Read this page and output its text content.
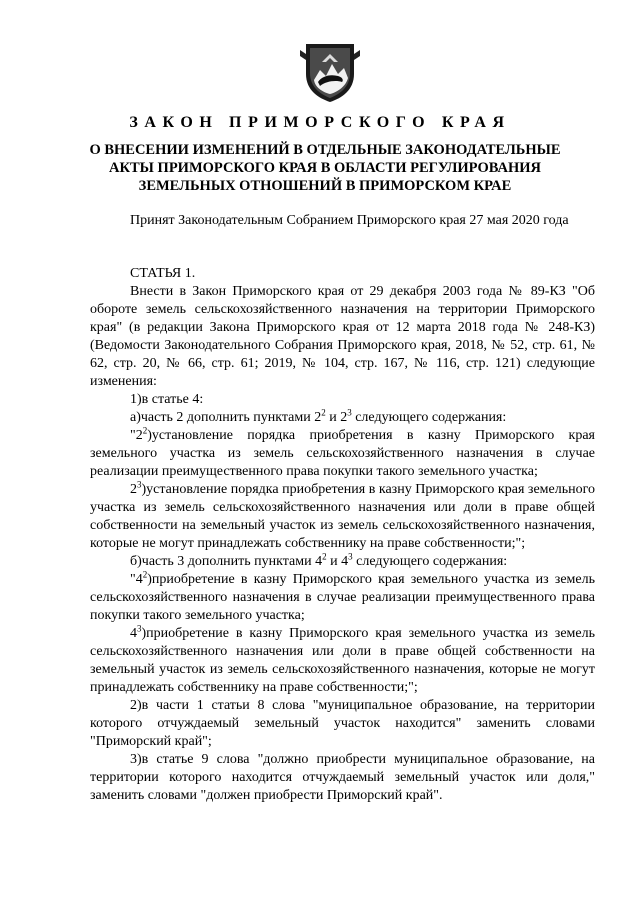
ЗАКОН ПРИМОРСКОГО КРАЯ
О ВНЕСЕНИИ ИЗМЕНЕНИЙ В ОТДЕЛЬНЫЕ ЗАКОНОДАТЕЛЬНЫЕ АКТЫ ПРИМОРСКОГО КРАЯ В ОБЛАСТИ РЕГУЛИРОВАНИЯ ЗЕМЕЛЬНЫХ ОТНОШЕНИЙ В ПРИМОРСКОМ КРАЕ

Принят Законодательным Собранием Приморского края 27 мая 2020 года

СТАТЬЯ 1.

Внести в Закон Приморского края от 29 декабря 2003 года № 89-КЗ "Об обороте земель сельскохозяйственного назначения на территории Приморского края" (в редакции Закона Приморского края от 12 марта 2018 года № 248-КЗ) (Ведомости Законодательного Собрания Приморского края, 2018, № 52, стр. 61, № 62, стр. 20, № 66, стр. 61; 2019, № 104, стр. 167, № 116, стр. 121) следующие изменения:

1)в статье 4:

а)часть 2 дополнить пунктами $2^2$ и $2^3$ следующего содержания:

"$2^2)установление$ порядка приобретения в казну Приморского края земельного участка из земель сельскохозяйственного назначения в случае реализации преимущественного права покупки такого земельного участка;

$2^3)установление$ порядка приобретения в казну Приморского края земельного участка из земель сельскохозяйственного назначения или доли в праве общей собственности на земельный участок из земель сельскохозяйственного назначения, которые не могут принадлежать собственнику на праве собственности;";

б)часть 3 дополнить пунктами $4^2$ и $4^3$ следующего содержания:

"$4^2)приобретение$ в казну Приморского края земельного участка из земель сельскохозяйственного назначения в случае реализации преимущественного права покупки такого земельного участка;

$4^3)приобретение$ в казну Приморского края земельного участка из земель сельскохозяйственного назначения или доли в праве общей собственности на земельный участок из земель сельскохозяйственного назначения, которые не могут принадлежать собственнику на праве собственности;";

2)в части 1 статьи 8 слова "муниципальное образование, на территории которого отчуждаемый земельный участок находится" заменить словами "Приморский край";

3)в статье 9 слова "должно приобрести муниципальное образование, на территории которого находится отчуждаемый земельный участок или доля," заменить словами "должен приобрести Приморский край".
